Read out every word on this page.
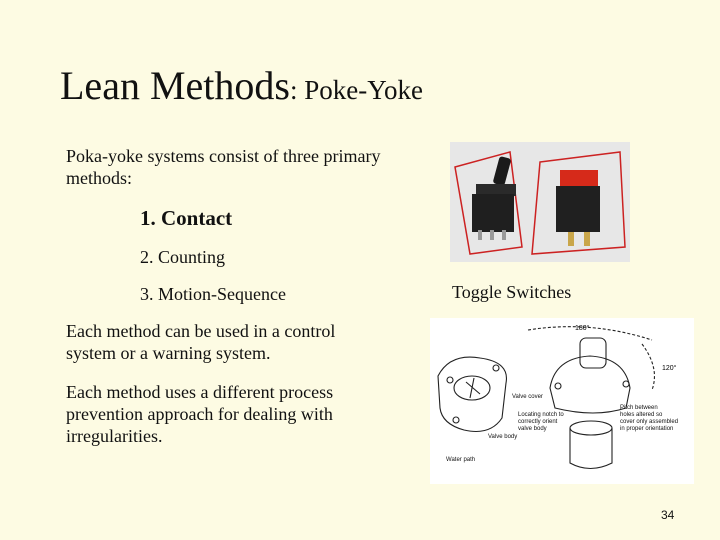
Lean Methods: Poke-Yoke
Poka-yoke systems consist of three primary methods:
1. Contact
2. Counting
3. Motion-Sequence
Each method can be used in a control system or a warning system.
Each method uses a different process prevention approach for dealing with irregularities.
Toggle Switches
180°
120°
Valve cover
Locating notch to
correctly orient
valve body
Valve body
Water path
Pitch between
holes altered so
cover only assembled
in proper orientation
34
